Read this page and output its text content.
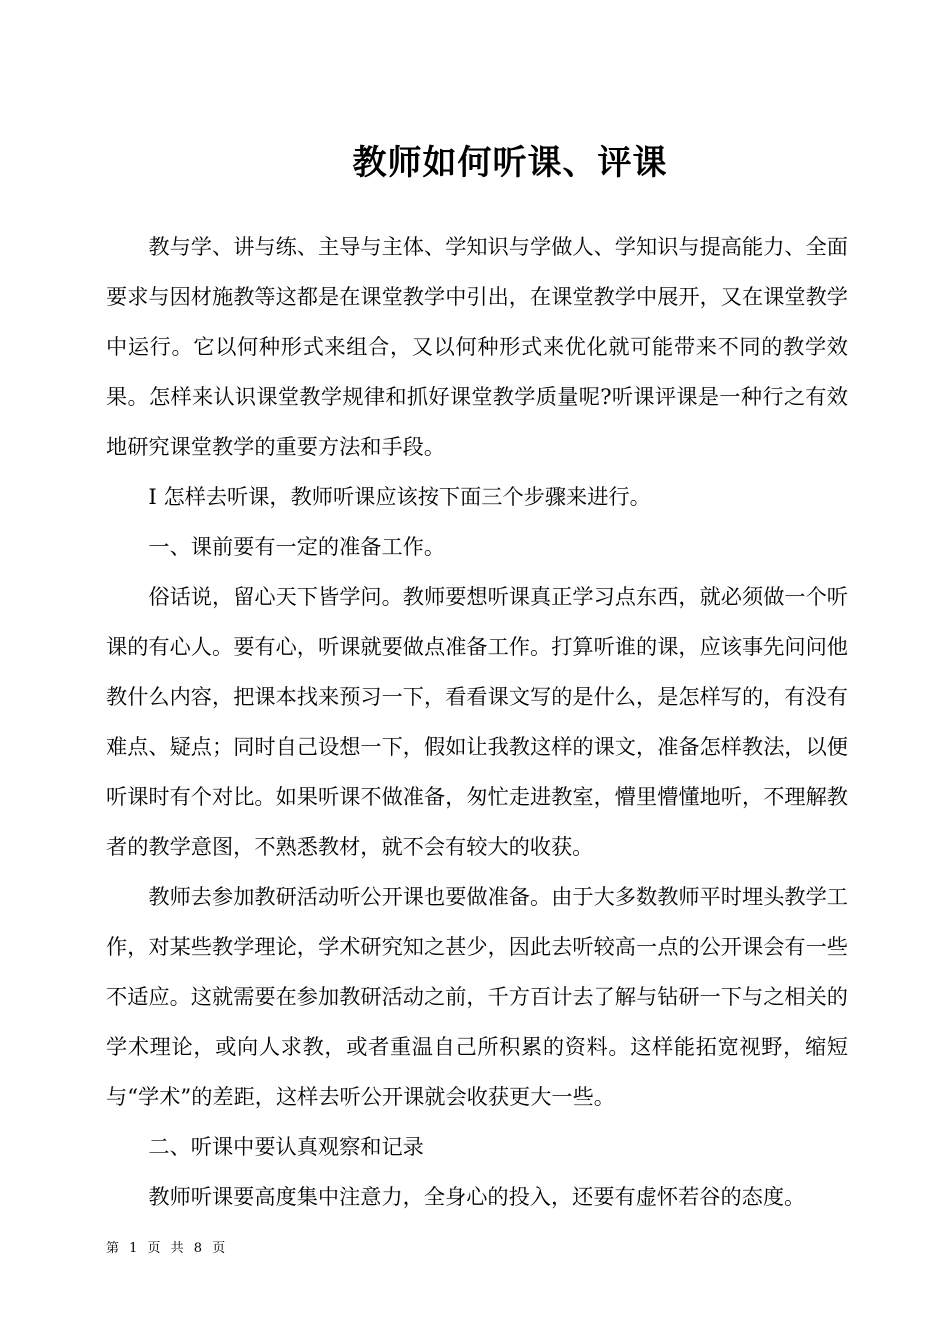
教师如何听课、评课

教与学、讲与练、主导与主体、学知识与学做人、学知识与提高能力、全面要求与因材施教等这都是在课堂教学中引出，在课堂教学中展开，又在课堂教学中运行。它以何种形式来组合，又以何种形式来优化就可能带来不同的教学效果。怎样来认识课堂教学规律和抓好课堂教学质量呢?听课评课是一种行之有效地研究课堂教学的重要方法和手段。

I 怎样去听课，教师听课应该按下面三个步骤来进行。

一、课前要有一定的准备工作。

俗话说，留心天下皆学问。教师要想听课真正学习点东西，就必须做一个听课的有心人。要有心，听课就要做点准备工作。打算听谁的课，应该事先问问他教什么内容，把课本找来预习一下，看看课文写的是什么，是怎样写的，有没有难点、疑点；同时自己设想一下，假如让我教这样的课文，准备怎样教法，以便听课时有个对比。如果听课不做准备，匆忙走进教室，懵里懵懂地听，不理解教者的教学意图，不熟悉教材，就不会有较大的收获。

教师去参加教研活动听公开课也要做准备。由于大多数教师平时埋头教学工作，对某些教学理论，学术研究知之甚少，因此去听较高一点的公开课会有一些不适应。这就需要在参加教研活动之前，千方百计去了解与钻研一下与之相关的学术理论，或向人求教，或者重温自己所积累的资料。这样能拓宽视野，缩短与“学术”的差距，这样去听公开课就会收获更大一些。

二、听课中要认真观察和记录

教师听课要高度集中注意力，全身心的投入，还要有虚怀若谷的态度。

第 1 页 共 8 页
